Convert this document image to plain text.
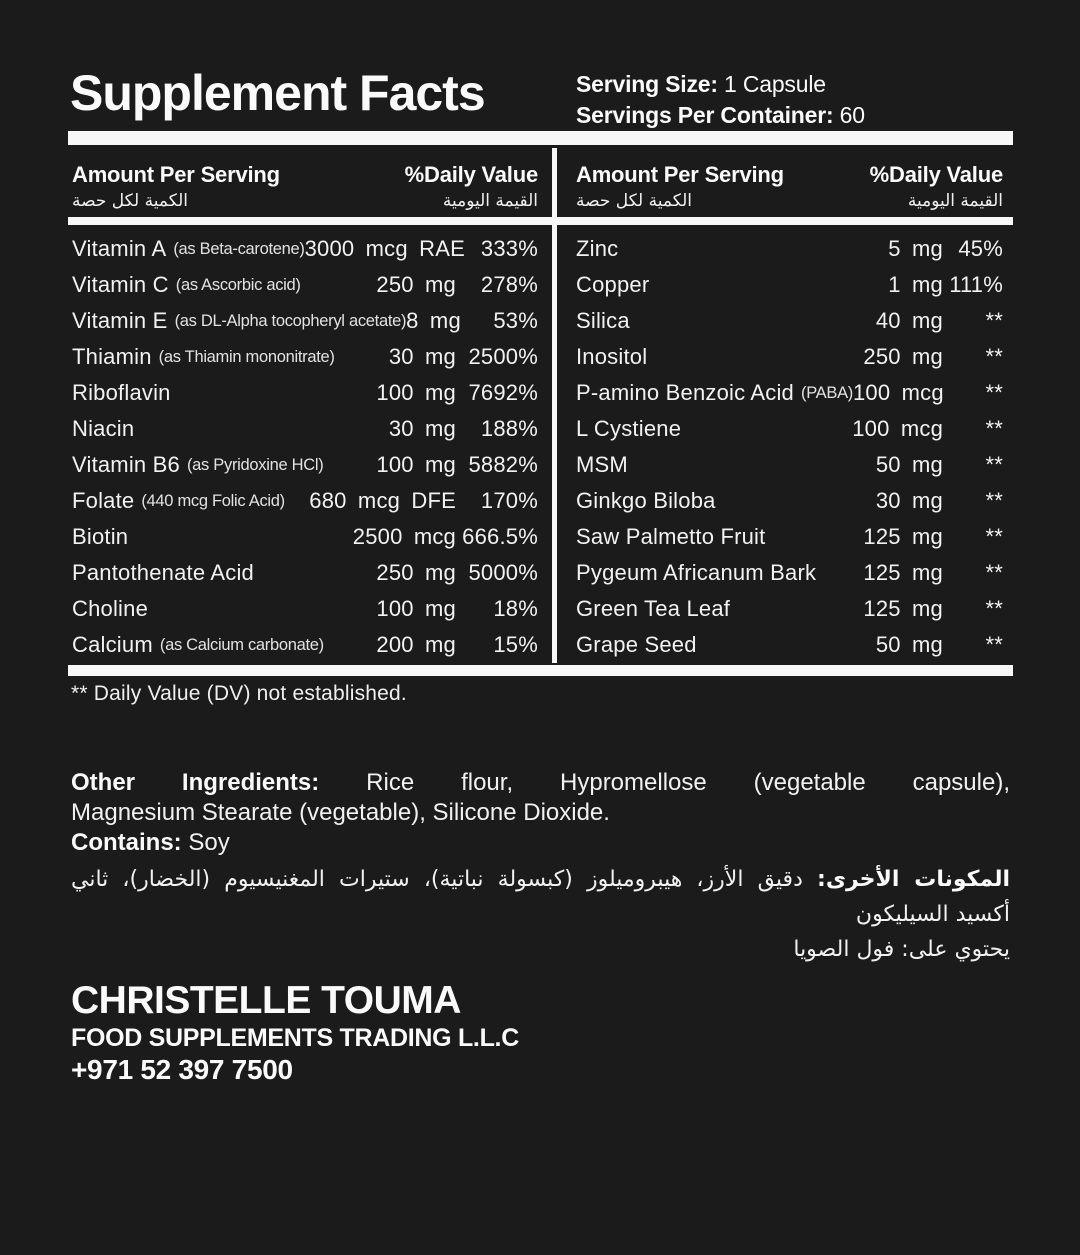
Supplement Facts	Serving Size: 1 Capsule
Servings Per Container: 60
Amount Per Serving
الكمية لكل حصة
%Daily Value
القيمة اليومية
Vitamin A (as Beta-carotene) 3000 mcg RAE 333%
Vitamin C (as Ascorbic acid)	250 mg	278%
Vitamin E (as DL-Alpha tocopheryl acetate) 8 mg	53%
Thiamin (as Thiamin mononitrate) 30 mg 2500%
Riboflavin	100 mg 7692%
Niacin	30 mg	188%
Vitamin B6 (as Pyridoxine HCl) 100 mg 5882%
Folate (440 mcg Folic Acid) 680 mcg DFE	170%
Biotin	2500 mcg 666.5%
Pantothenate Acid	250 mg 5000%
Choline	100 mg	18%
Calcium (as Calcium carbonate) 200 mg	15%
Amount Per Serving
الكمية لكل حصة
%Daily Value
القيمة اليومية
Zinc	5 mg 45%
Copper	1 mg 111%
Silica	40 mg	**
Inositol	250 mg	**
P-amino Benzoic Acid (PABA) 100 mcg	**
L Cystiene	100 mcg	**
MSM	50 mg	**
Ginkgo Biloba	30 mg	**
Saw Palmetto Fruit	125 mg	**
Pygeum Africanum Bark 125 mg	**
Green Tea Leaf	125 mg	**
Grape Seed	50 mg	**
** Daily Value (DV) not established.

Other Ingredients: Rice flour, Hypromellose (vegetable capsule),

Magnesium Stearate (vegetable), Silicone Dioxide.

Contains: Soy

المكونات الأخرى: دقيق الأرز، هيبروميلوز (كبسولة نباتية)، ستيرات المغنيسيوم (الخضار)، ثاني

أكسيد السيليكون

يحتوي على: فول الصويا

CHRISTELLE TOUMA
FOOD SUPPLEMENTS TRADING L.L.C
+971 52 397 7500
